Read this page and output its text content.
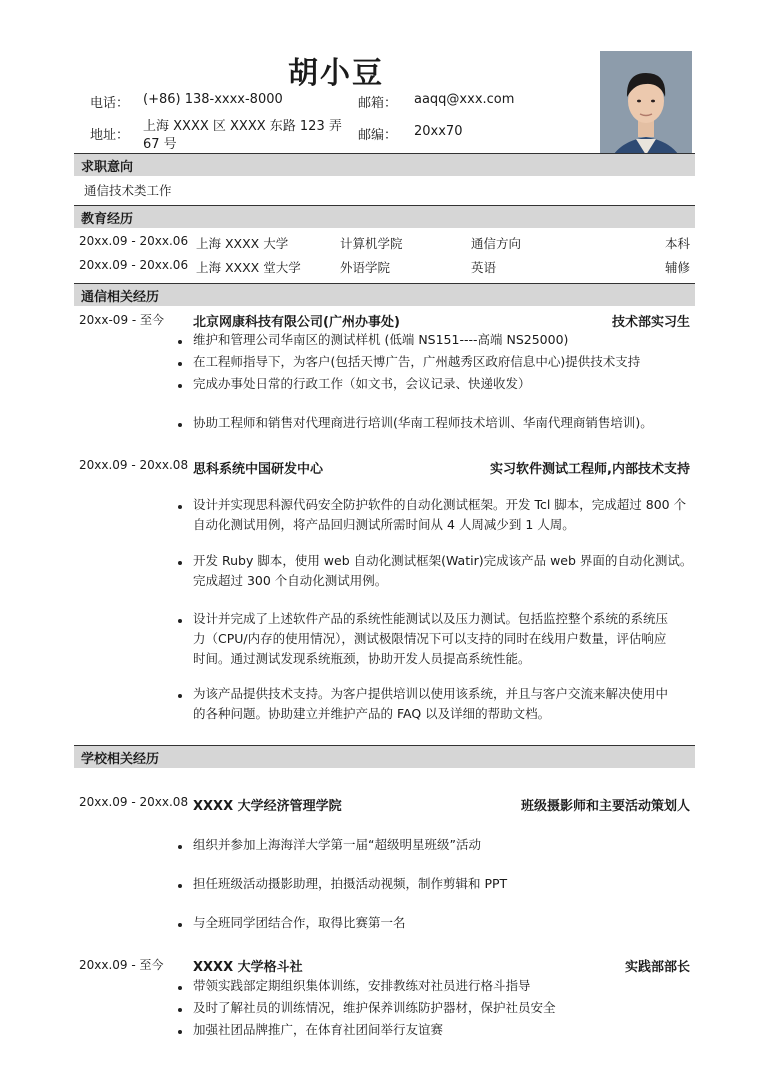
胡小豆
电话： (+86) 138-xxxx-8000	邮箱： aaqq@xxx.com
地址：
上海 XXXX 区 XXXX 东路 123 弄
67 号
邮编： 20xx70
求职意向
通信技术类工作
教育经历
20xx.09 - 20xx.06 上海 XXXX 大学	计算机学院	通信方向	本科
20xx.09 - 20xx.06 上海 XXXX 堂大学	外语学院	英语	辅修
通信相关经历
20xx-09 - 至今 北京网康科技有限公司(广州办事处)	技术部实习生
维护和管理公司华南区的测试样机 (低端 NS151----高端 NS25000)
在工程师指导下，为客户(包括天博广告，广州越秀区政府信息中心)提供技术支持
完成办事处日常的行政工作（如文书，会议记录、快递收发）
协助工程师和销售对代理商进行培训(华南工程师技术培训、华南代理商销售培训)。
20xx.09 - 20xx.08 思科系统中国研发中心	实习软件测试工程师,内部技术支持
设计并实现思科源代码安全防护软件的自动化测试框架。开发 Tcl 脚本，完成超过 800 个
自动化测试用例，将产品回归测试所需时间从 4 人周减少到 1 人周。
开发 Ruby 脚本，使用 web 自动化测试框架(Watir)完成该产品 web 界面的自动化测试。
完成超过 300 个自动化测试用例。
设计并完成了上述软件产品的系统性能测试以及压力测试。包括监控整个系统的系统压
力（CPU/内存的使用情况），测试极限情况下可以支持的同时在线用户数量，评估响应
时间。通过测试发现系统瓶颈，协助开发人员提高系统性能。
为该产品提供技术支持。为客户提供培训以使用该系统，并且与客户交流来解决使用中
的各种问题。协助建立并维护产品的 FAQ 以及详细的帮助文档。
学校相关经历
20xx.09 - 20xx.08 XXXX 大学经济管理学院	班级摄影师和主要活动策划人
组织并参加上海海洋大学第一届“超级明星班级”活动
担任班级活动摄影助理，拍摄活动视频，制作剪辑和 PPT
与全班同学团结合作，取得比赛第一名
20xx.09 - 至今 XXXX 大学格斗社	实践部部长
带领实践部定期组织集体训练，安排教练对社员进行格斗指导
及时了解社员的训练情况，维护保养训练防护器材，保护社员安全
加强社团品牌推广，在体育社团间举行友谊赛
